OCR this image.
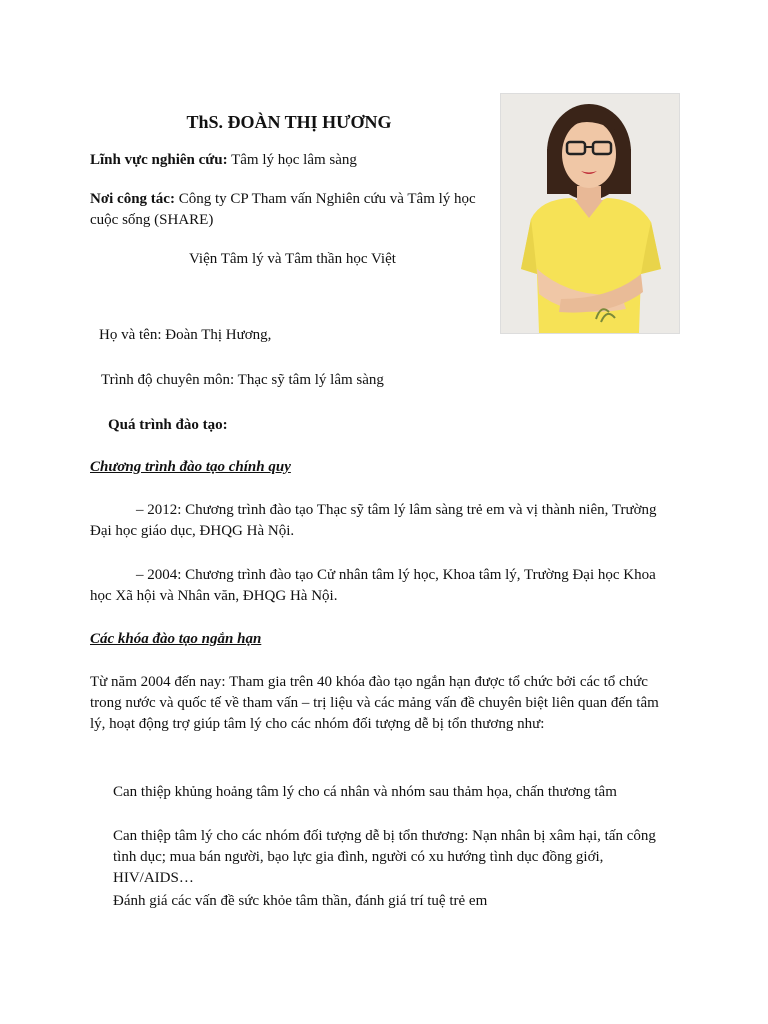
ThS. ĐOÀN THỊ HƯƠNG
Lĩnh vực nghiên cứu: Tâm lý học lâm sàng
Nơi công tác: Công ty CP Tham vấn Nghiên cứu và Tâm lý học cuộc sống (SHARE)
Viện Tâm lý và Tâm thần học Việt
Họ và tên: Đoàn Thị Hương,
Trình độ chuyên môn: Thạc sỹ tâm lý lâm sàng
Quá trình đào tạo:
Chương trình đào tạo chính quy
– 2012: Chương trình đào tạo Thạc sỹ tâm lý lâm sàng trẻ em và vị thành niên, Trường Đại học giáo dục, ĐHQG Hà Nội.
– 2004: Chương trình đào tạo Cử nhân tâm lý học, Khoa tâm lý, Trường Đại học Khoa học Xã hội và Nhân văn, ĐHQG Hà Nội.
Các khóa đào tạo ngắn hạn
Từ năm 2004 đến nay: Tham gia trên 40 khóa đào tạo ngắn hạn được tổ chức bởi các tổ chức trong nước và quốc tế về tham vấn – trị liệu và các mảng vấn đề chuyên biệt liên quan đến tâm lý, hoạt động trợ giúp tâm lý cho các nhóm đối tượng dễ bị tổn thương như:
Can thiệp khủng hoảng tâm lý cho cá nhân và nhóm sau thảm họa, chấn thương tâm
Can thiệp tâm lý cho các nhóm đối tượng dễ bị tổn thương: Nạn nhân bị xâm hại, tấn công tình dục; mua bán người, bạo lực gia đình, người có xu hướng tình dục đồng giới, HIV/AIDS…
Đánh giá các vấn đề sức khỏe tâm thần, đánh giá trí tuệ trẻ em
